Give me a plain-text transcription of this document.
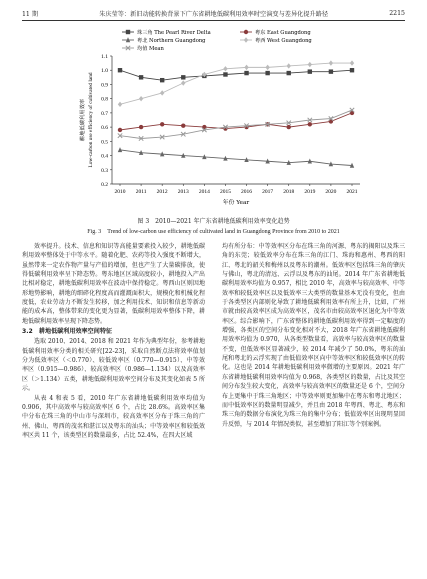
11 期	朱庆莹等：新旧动能转换背景下广东省耕地低碳利用效率时空演变与差异化提升路径	2215
0.2
0.3
0.4
0.5
0.6
0.7
0.8
0.9
1.0
1.1
2010 2011 2012 2013 2014 2015 2016 2017 2018 2019 2020 2021
年份 Year
耕地低碳利用效率 Low-carbon use efficiency of cultivated land
珠三角 The Pearl River Delta	粤东 East Guangdong
粤北 Northern Guangdong	粤西 West Guangdong
均值 Mean
图 3　2010—2021 年广东省耕地低碳利用效率变化趋势
Fig. 3　Trend of low-carbon use efficiency of cultivated land in Guangdong Province from 2010 to 2021

效率提升。技术、信息和知识等高能量要素投入较少，耕地低碳利用效率整体处于中等水平。随着化肥、农药等投入强度不断增大，虽然带来一定农作物产量与产值的增加，但也产生了大量碳排放，使得低碳利用效率呈下降态势。粤东地区区域高度较小，耕地投入产出比相对稳定，耕地低碳利用效率在波动中保持稳定。粤西山区则因地形地势影响，耕地的细碎化程度高而灌溉面积大，规模化和机械化程度低，农业劳动力不断发生转移，加之利用技术、知识和信息等新动能的成本高，整体带来的变化更为显著，低碳利用效率整体下降，耕地低碳利用效率呈现下降态势。

3.2　耕地低碳利用效率空间特征

选取 2010、2014、2018 和 2021 年作为典型年份，参考耕地低碳利用效率分类的相关研究[22-23]，采取自然断点法将效率值划分为低效率区（＜0.770）、较低效率区（0.770—0.915）、中等效率区（0.915—0.986）、较高效率区（0.986—1.134）以及高效率区（＞1.134）五类，耕地低碳利用效率空间分布及其变化如表 5 所示。

从表 4 和表 5 看，2010 年广东省耕地低碳利用效率均值为 0.906，其中高效率与较高效率区 6 个，占比 28.6%。高效率区集中分布在珠三角的中山市与深圳市，较高效率区分布于珠三角的广州、佛山、粤西的茂名和湛江以及粤东的汕头；中等效率区和较低效率区共 11 个，该类型区的数量最多，占比 52.4%，在四大区域

均有所分布：中等效率区分布在珠三角的河源、粤东的揭阳以及珠三角的东莞；较低效率分布在珠三角的江门、珠海和惠州、粤西的阳江、粤北的韶关和梅州以及粤东的潮州。低效率区包括珠三角的肇庆与佛山，粤北的清远、云浮以及粤东的汕尾。2014 年广东省耕地低碳利用效率均值为 0.957，相比 2010 年，高效率与较高效率、中等效率和较低效率区以及低效率三大类型的数量基本无没有变化，但由于各类型区内部则化导致了耕地低碳利用效率有所上升，比如，广州市就由较高效率区成为高效率区，茂名市由较高效率区退化为中等效率区。综合影响下，广东省整体的耕地低碳利用效率得到一定幅度的增强，各类区的空间分布变化相对不大，2018 年广东省耕地低碳利用效率均值为 0.970，从各类型数量看，高效率与较高效率区的数量不变，但低效率区显著减少，较 2014 年减少了 50.0%，粤东的汕尾和粤北的云浮实现了由低值效率区向中等效率区和较低效率区的转化。这也是 2014 年耕地低碳利用效率微增的主要原因。2021 年广东省耕地低碳利用效率均值为 0.968，各类型区的数量，占比及其空间分布发生较大变化，高效率与较高效率区的数量还是 6 个，空间分布上更集中于珠三角地区；中等效率则更加集中在粤东和粤北地区；而中低效率区的数量明显减少，并且由 2018 年粤西、粤北、粤东和珠三角的数据分布演化为珠三角的集中分布；低值效率区出现明显回升反弹，与 2014 年情况类似，甚至增加了阳江等个别案例。
